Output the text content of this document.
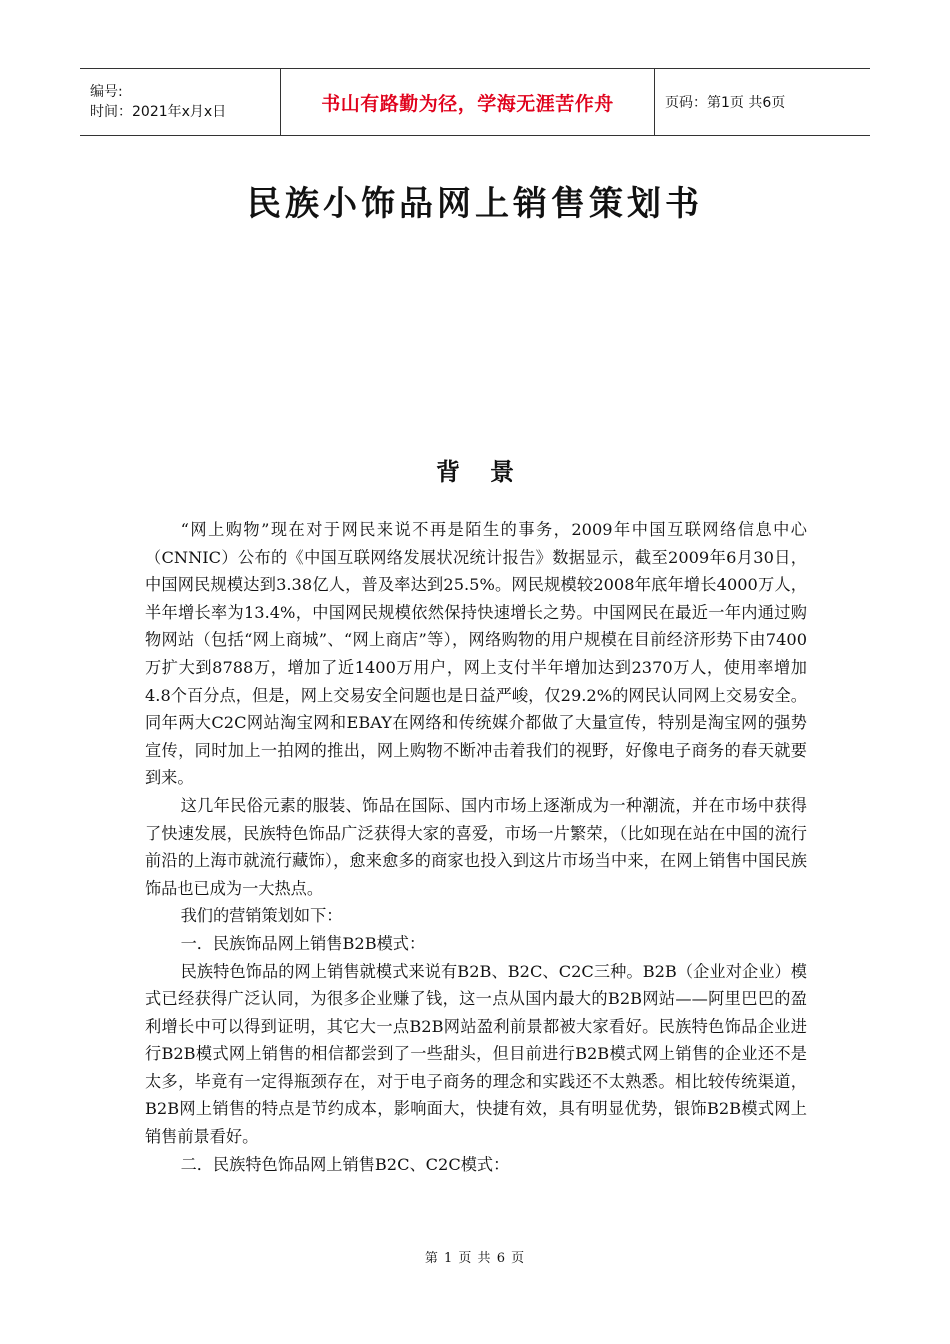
编号:
时间：2021年x月x日	书山有路勤为径，学海无涯苦作舟	页码：第1页 共6页
民族小饰品网上销售策划书
背景

“网上购物”现在对于网民来说不再是陌生的事务，2009年中国互联网络信息中心（CNNIC）公布的《中国互联网络发展状况统计报告》数据显示，截至2009年6月30日，中国网民规模达到3.38亿人，普及率达到25.5%。网民规模较2008年底年增长4000万人，半年增长率为13.4%，中国网民规模依然保持快速增长之势。中国网民在最近一年内通过购物网站（包括“网上商城”、“网上商店”等），网络购物的用户规模在目前经济形势下由7400万扩大到8788万，增加了近1400万用户，网上支付半年增加达到2370万人，使用率增加4.8个百分点，但是，网上交易安全问题也是日益严峻，仅29.2%的网民认同网上交易安全。同年两大C2C网站淘宝网和EBAY在网络和传统媒介都做了大量宣传，特别是淘宝网的强势宣传，同时加上一拍网的推出，网上购物不断冲击着我们的视野，好像电子商务的春天就要到来。

这几年民俗元素的服装、饰品在国际、国内市场上逐渐成为一种潮流，并在市场中获得了快速发展，民族特色饰品广泛获得大家的喜爱，市场一片繁荣，（比如现在站在中国的流行前沿的上海市就流行藏饰），愈来愈多的商家也投入到这片市场当中来，在网上销售中国民族饰品也已成为一大热点。

我们的营销策划如下：

一．民族饰品网上销售B2B模式：

民族特色饰品的网上销售就模式来说有B2B、B2C、C2C三种。B2B（企业对企业）模式已经获得广泛认同，为很多企业赚了钱，这一点从国内最大的B2B网站——阿里巴巴的盈利增长中可以得到证明，其它大一点B2B网站盈利前景都被大家看好。民族特色饰品企业进行B2B模式网上销售的相信都尝到了一些甜头，但目前进行B2B模式网上销售的企业还不是太多，毕竟有一定得瓶颈存在，对于电子商务的理念和实践还不太熟悉。相比较传统渠道，B2B网上销售的特点是节约成本，影响面大，快捷有效，具有明显优势，银饰B2B模式网上销售前景看好。

二．民族特色饰品网上销售B2C、C2C模式：

第 1 页 共 6 页
